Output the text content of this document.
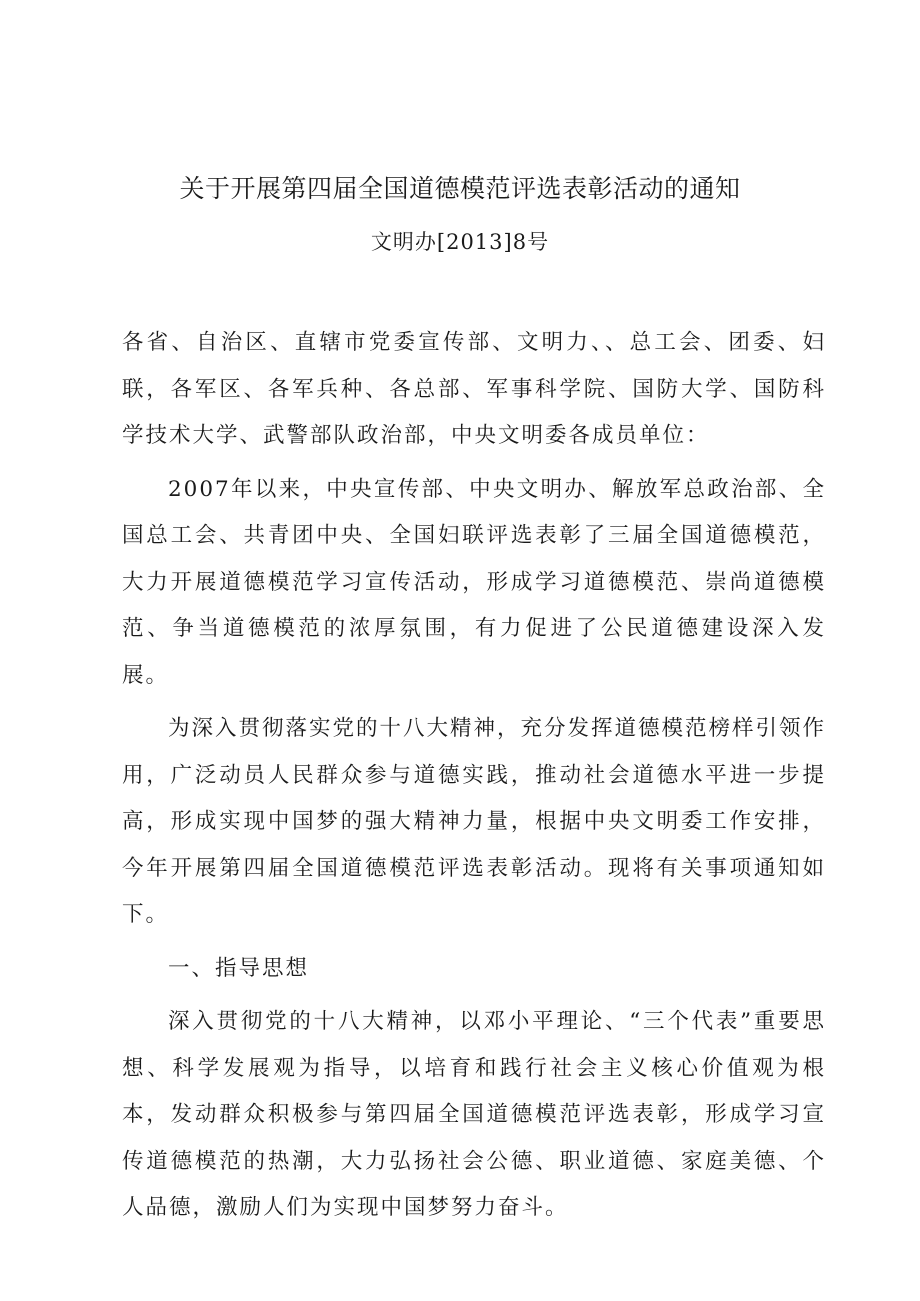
关于开展第四届全国道德模范评选表彰活动的通知
文明办[2013]8号

各省、自治区、直辖市党委宣传部、文明力、、总工会、团委、妇联，各军区、各军兵种、各总部、军事科学院、国防大学、国防科学技术大学、武警部队政治部，中央文明委各成员单位：

2007年以来，中央宣传部、中央文明办、解放军总政治部、全国总工会、共青团中央、全国妇联评选表彰了三届全国道德模范，大力开展道德模范学习宣传活动，形成学习道德模范、崇尚道德模范、争当道德模范的浓厚氛围，有力促进了公民道德建设深入发展。

为深入贯彻落实党的十八大精神，充分发挥道德模范榜样引领作用，广泛动员人民群众参与道德实践，推动社会道德水平进一步提高，形成实现中国梦的强大精神力量，根据中央文明委工作安排，今年开展第四届全国道德模范评选表彰活动。现将有关事项通知如下。

一、指导思想

深入贯彻党的十八大精神，以邓小平理论、“三个代表”重要思想、科学发展观为指导，以培育和践行社会主义核心价值观为根本，发动群众积极参与第四届全国道德模范评选表彰，形成学习宣传道德模范的热潮，大力弘扬社会公德、职业道德、家庭美德、个人品德，激励人们为实现中国梦努力奋斗。
